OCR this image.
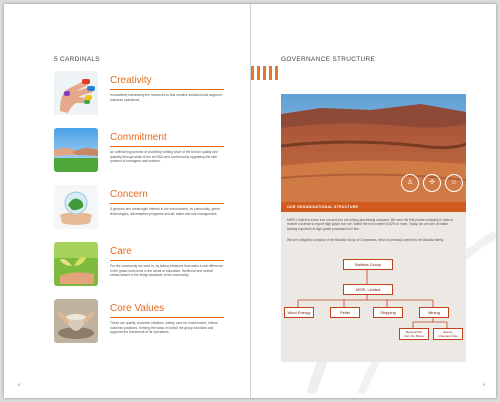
5 CARDINALS
Creativity
Innovatively harnessing the resources to find creative solutions that augment business operations.
Commitment
An unflinching promise of providing nothing short of the best in quality and quantity through state of the art R&D and continuously upgrading the skill quotient of managers and workers.
Concern
A genuine and meaningful interest in the environment, its community, green technologies, afforestation programs and air, water and soil management.
Care
For the community we work in, by taking initiatives that make a real difference in the grass-roots level in the areas of education, livelihood and overall enhancement in the living standards of the community.
Core Values
These are quality, customer relations, safety, care for environment, ethical business practices, forming the basis on which the group functions and supports the framework of its operations.
8
GOVERNANCE STRUCTURE
♙	✢	☺
OUR ORGANISATIONAL STRUCTURE
MSPL Limited is a true iron ore and iron ore mining processing company. We were the first private company in India to receive a license to export high grade iron ore, where the iron content is 62% or more. Today, we are one of India's leading exporters of high-grade processed iron fine.
We are a flagship company of the Baldota Group of Companies, which is primarily owned by the Baldota family.
Baldota Group
MSPL Limited
Wind Energy	Pellet	Shipping	Mining
Byrapur/Vdr
Iron Ore Mines
Export
Oriented Units
9
